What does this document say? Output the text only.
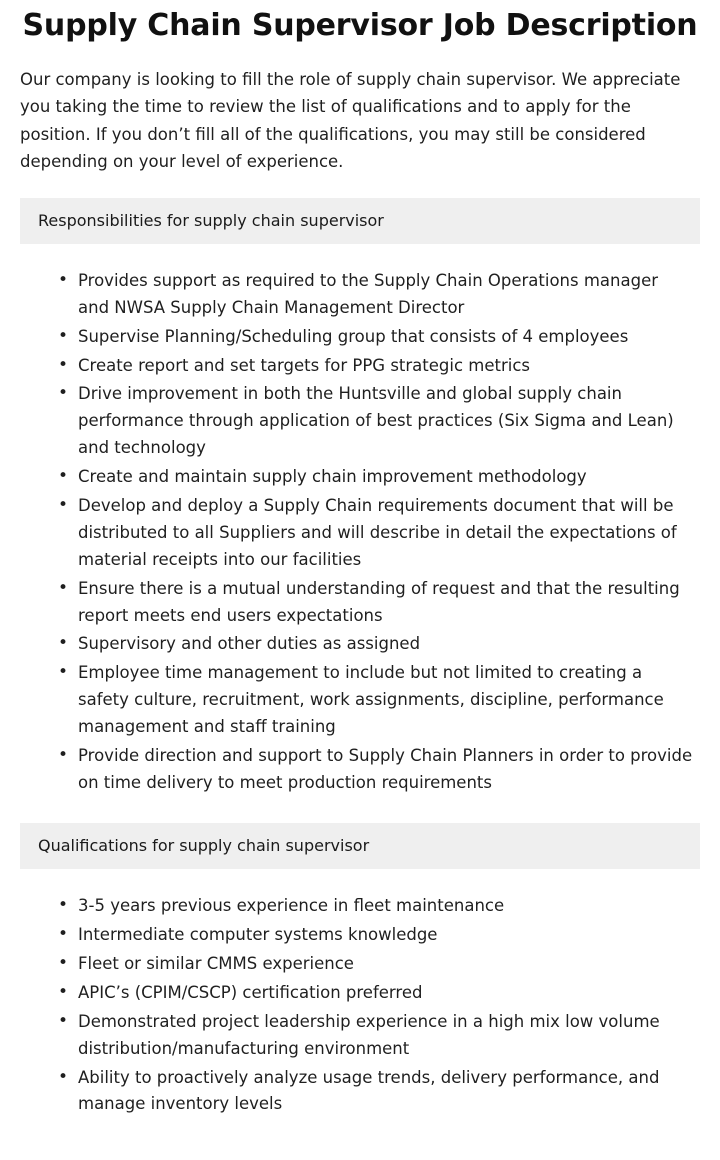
Supply Chain Supervisor Job Description

Our company is looking to fill the role of supply chain supervisor. We appreciate you taking the time to review the list of qualifications and to apply for the position. If you don’t fill all of the qualifications, you may still be considered depending on your level of experience.

Responsibilities for supply chain supervisor
• Provides support as required to the Supply Chain Operations manager and NWSA Supply Chain Management Director
• Supervise Planning/Scheduling group that consists of 4 employees
• Create report and set targets for PPG strategic metrics
• Drive improvement in both the Huntsville and global supply chain performance through application of best practices (Six Sigma and Lean) and technology
• Create and maintain supply chain improvement methodology
• Develop and deploy a Supply Chain requirements document that will be distributed to all Suppliers and will describe in detail the expectations of material receipts into our facilities
• Ensure there is a mutual understanding of request and that the resulting report meets end users expectations
• Supervisory and other duties as assigned
• Employee time management to include but not limited to creating a safety culture, recruitment, work assignments, discipline, performance management and staff training
• Provide direction and support to Supply Chain Planners in order to provide on time delivery to meet production requirements
Qualifications for supply chain supervisor
• 3-5 years previous experience in fleet maintenance
• Intermediate computer systems knowledge
• Fleet or similar CMMS experience
• APIC’s (CPIM/CSCP) certification preferred
• Demonstrated project leadership experience in a high mix low volume distribution/manufacturing environment
• Ability to proactively analyze usage trends, delivery performance, and manage inventory levels
